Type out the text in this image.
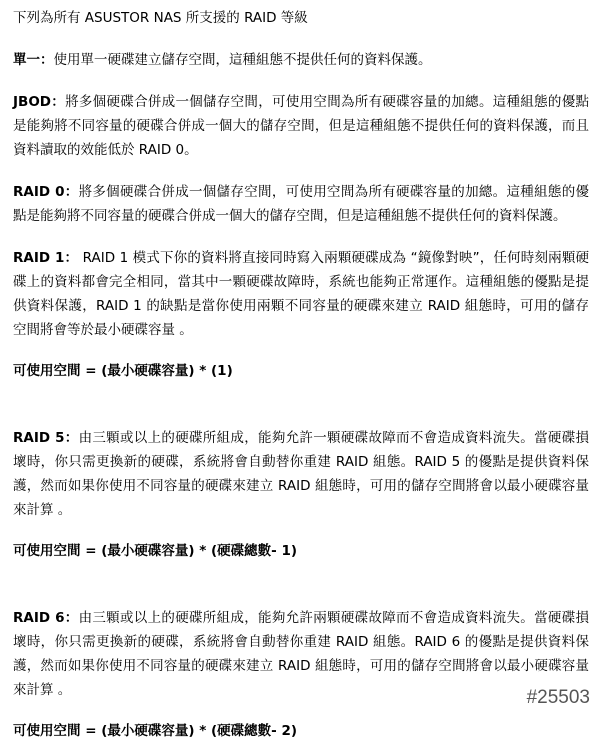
下列為所有 ASUSTOR NAS 所支援的 RAID 等級

單一：使用單一硬碟建立儲存空間，這種組態不提供任何的資料保護。

JBOD：將多個硬碟合併成一個儲存空間，可使用空間為所有硬碟容量的加總。這種組態的優點是能夠將不同容量的硬碟合併成一個大的儲存空間，但是這種組態不提供任何的資料保護，而且資料讀取的效能低於 RAID 0。

RAID 0：將多個硬碟合併成一個儲存空間，可使用空間為所有硬碟容量的加總。這種組態的優點是能夠將不同容量的硬碟合併成一個大的儲存空間，但是這種組態不提供任何的資料保護。

RAID 1： RAID 1 模式下你的資料將直接同時寫入兩顆硬碟成為 “鏡像對映”，任何時刻兩顆硬碟上的資料都會完全相同，當其中一顆硬碟故障時，系統也能夠正常運作。這種組態的優點是提供資料保護，RAID 1 的缺點是當你使用兩顆不同容量的硬碟來建立 RAID 組態時，可用的儲存空間將會等於最小硬碟容量 。

可使用空間 = (最小硬碟容量) * (1)

RAID 5：由三顆或以上的硬碟所組成，能夠允許一顆硬碟故障而不會造成資料流失。當硬碟損壞時，你只需更換新的硬碟，系統將會自動替你重建 RAID 組態。RAID 5 的優點是提供資料保護，然而如果你使用不同容量的硬碟來建立 RAID 組態時，可用的儲存空間將會以最小硬碟容量來計算 。

可使用空間 = (最小硬碟容量) * (硬碟總數- 1)

RAID 6：由三顆或以上的硬碟所組成，能夠允許兩顆硬碟故障而不會造成資料流失。當硬碟損壞時，你只需更換新的硬碟，系統將會自動替你重建 RAID 組態。RAID 6 的優點是提供資料保護，然而如果你使用不同容量的硬碟來建立 RAID 組態時，可用的儲存空間將會以最小硬碟容量來計算 。

可使用空間 = (最小硬碟容量) * (硬碟總數- 2)

#25503
